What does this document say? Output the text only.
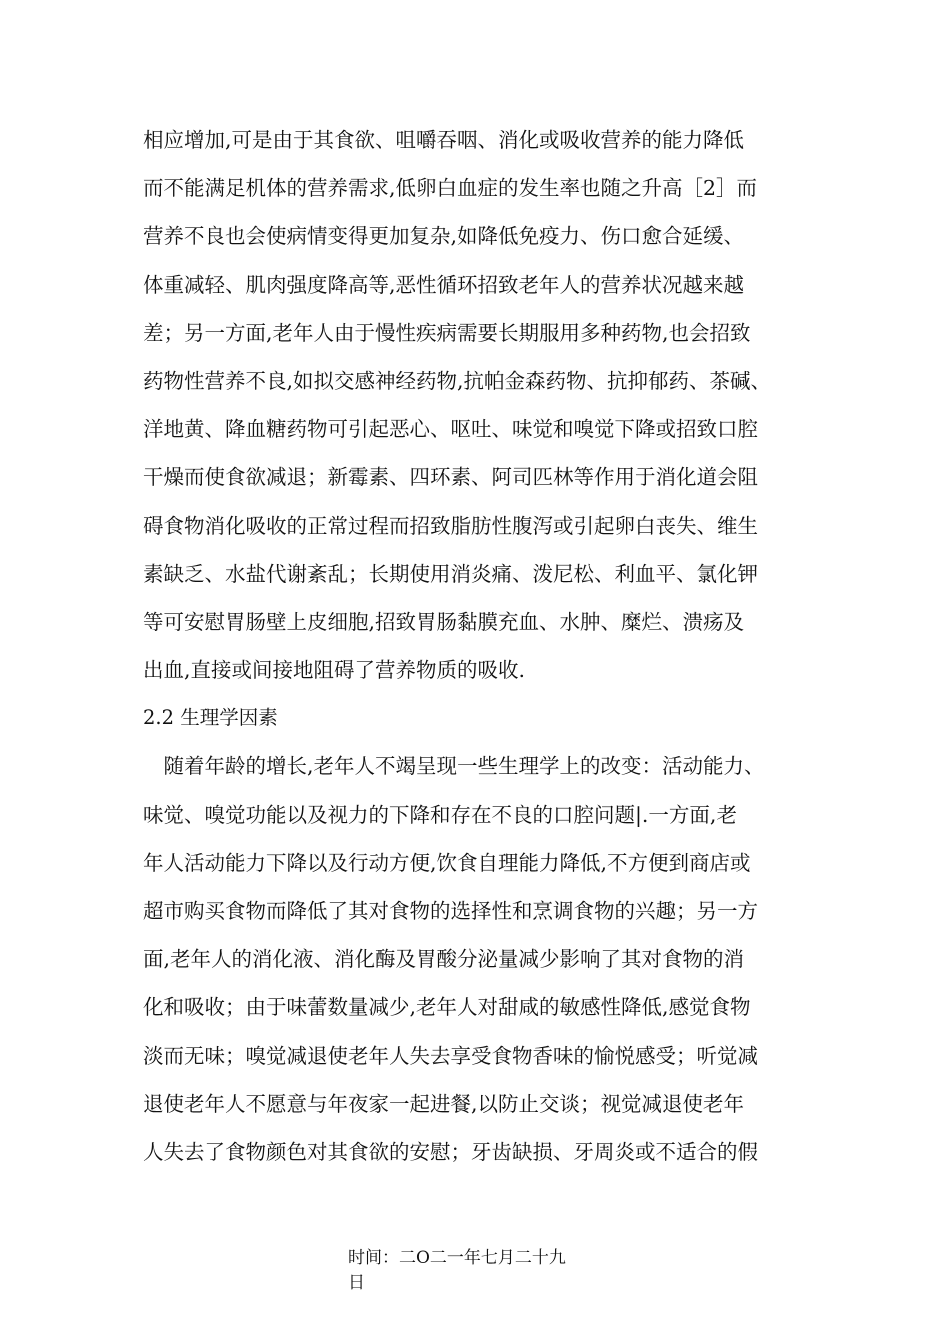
相应增加,可是由于其食欲、咀嚼吞咽、消化或吸收营养的能力降低
而不能满足机体的营养需求,低卵白血症的发生率也随之升高［2］而
营养不良也会使病情变得更加复杂,如降低免疫力、伤口愈合延缓、
体重减轻、肌肉强度降高等,恶性循环招致老年人的营养状况越来越
差；另一方面,老年人由于慢性疾病需要长期服用多种药物,也会招致
药物性营养不良,如拟交感神经药物,抗帕金森药物、抗抑郁药、茶碱、
洋地黄、降血糖药物可引起恶心、呕吐、味觉和嗅觉下降或招致口腔
干燥而使食欲减退；新霉素、四环素、阿司匹林等作用于消化道会阻
碍食物消化吸收的正常过程而招致脂肪性腹泻或引起卵白丧失、维生
素缺乏、水盐代谢紊乱；长期使用消炎痛、泼尼松、利血平、氯化钾
等可安慰胃肠壁上皮细胞,招致胃肠黏膜充血、水肿、糜烂、溃疡及
出血,直接或间接地阻碍了营养物质的吸收.
2.2 生理学因素
　随着年龄的增长,老年人不竭呈现一些生理学上的改变：活动能力、
味觉、嗅觉功能以及视力的下降和存在不良的口腔问题|.一方面,老
年人活动能力下降以及行动方便,饮食自理能力降低,不方便到商店或
超市购买食物而降低了其对食物的选择性和烹调食物的兴趣；另一方
面,老年人的消化液、消化酶及胃酸分泌量减少影响了其对食物的消
化和吸收；由于味蕾数量减少,老年人对甜咸的敏感性降低,感觉食物
淡而无味；嗅觉减退使老年人失去享受食物香味的愉悦感受；听觉减
退使老年人不愿意与年夜家一起进餐,以防止交谈；视觉减退使老年
人失去了食物颜色对其食欲的安慰；牙齿缺损、牙周炎或不适合的假
时间：二O二一年七月二十九
日
